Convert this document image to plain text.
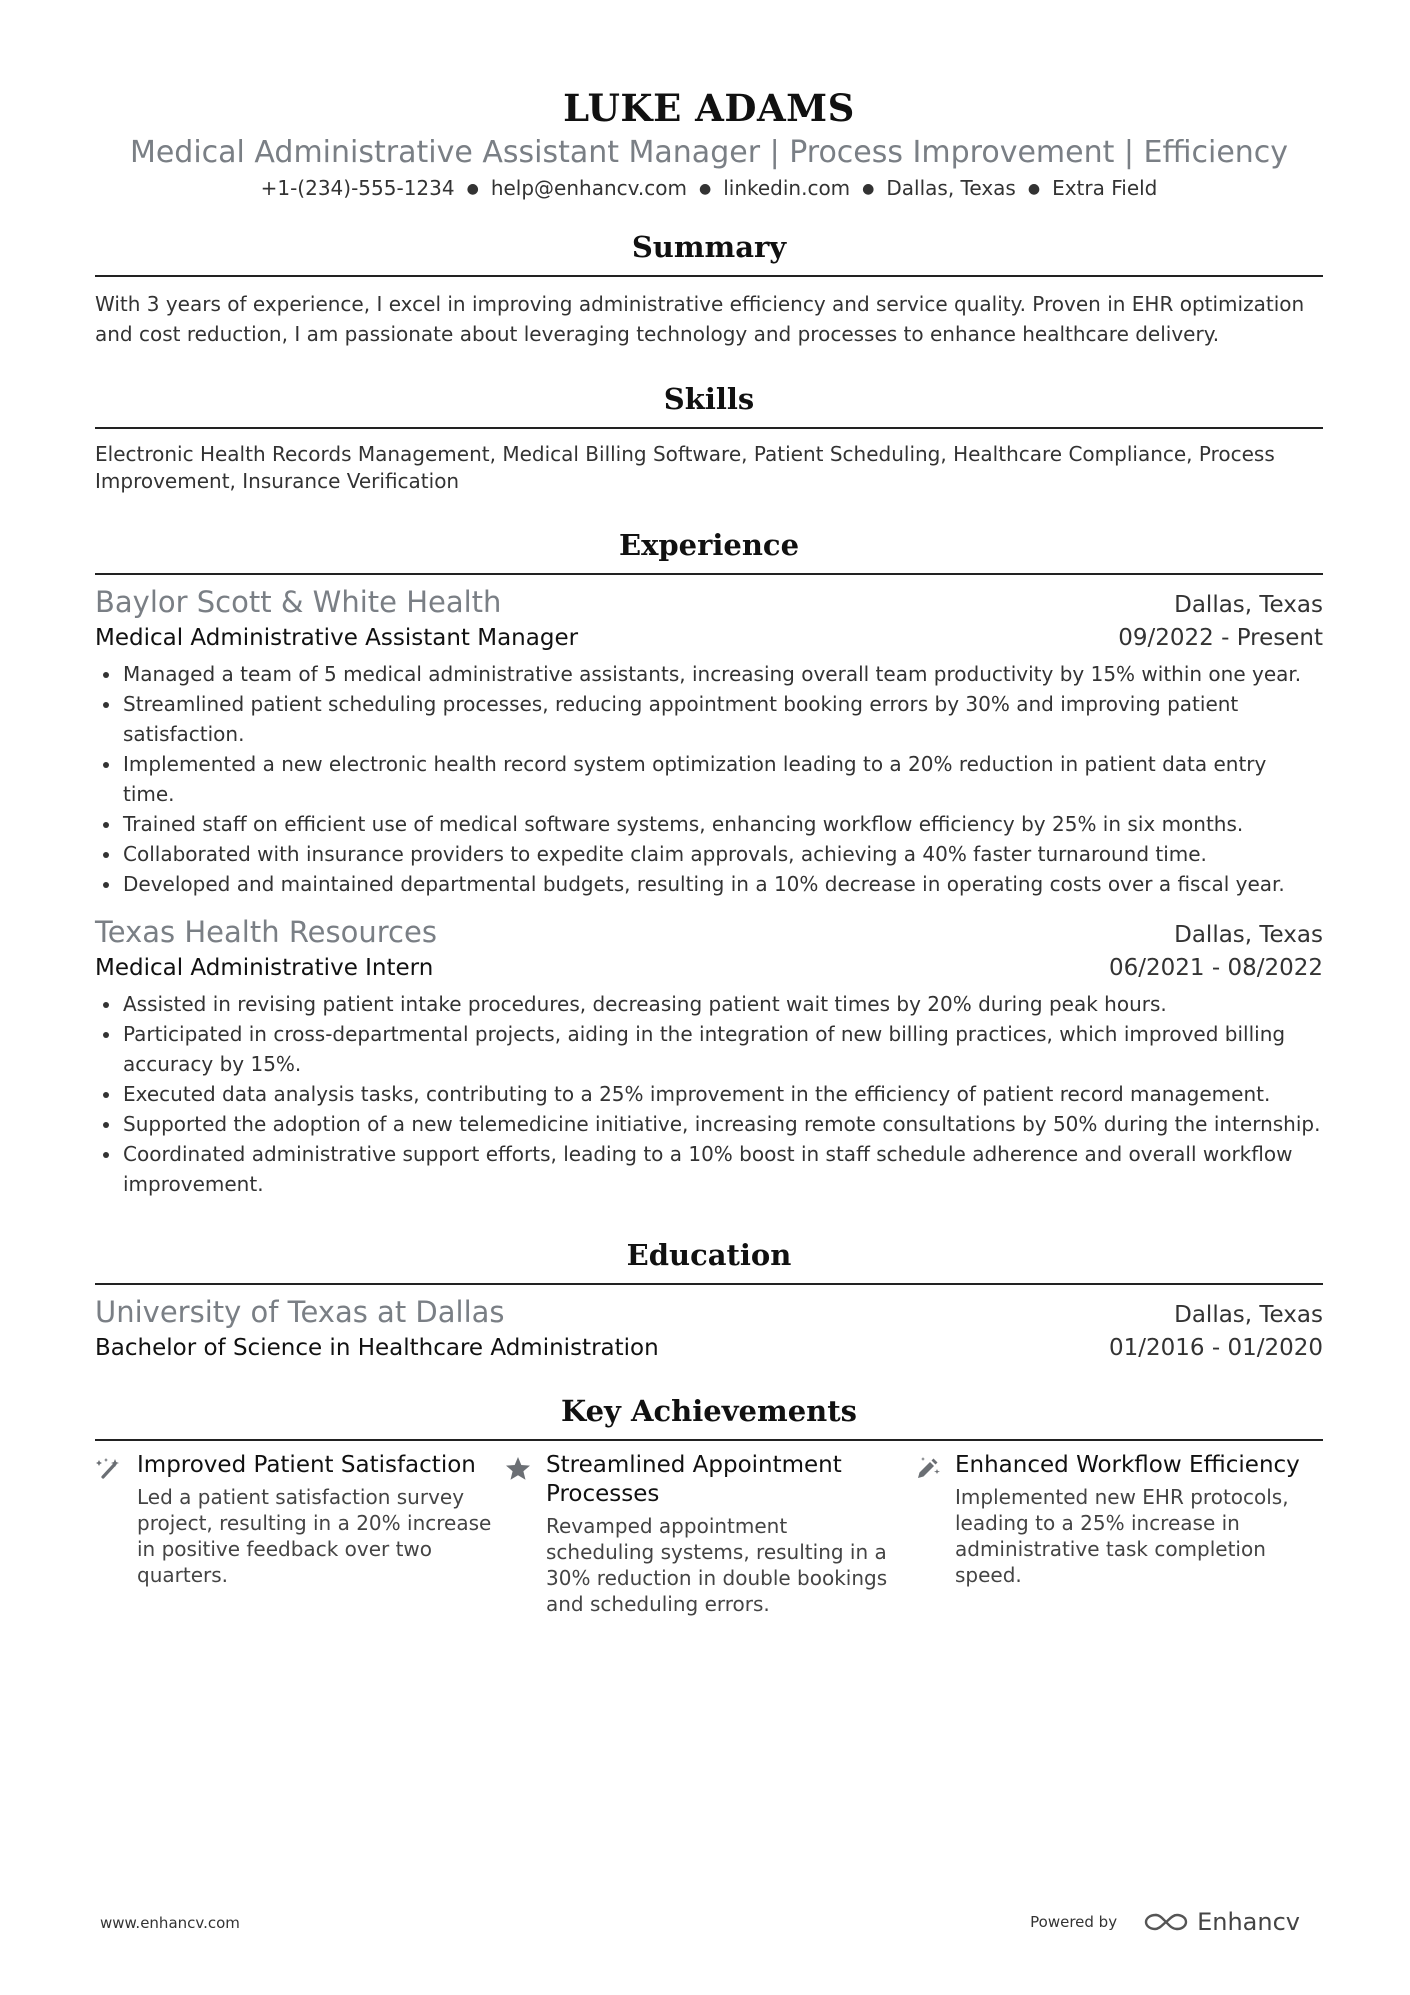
LUKE ADAMS
Medical Administrative Assistant Manager | Process Improvement | Efficiency
+1-(234)-555-1234 ● help@enhancv.com ● linkedin.com ● Dallas, Texas ● Extra Field
Summary
With 3 years of experience, I excel in improving administrative efficiency and service quality. Proven in EHR optimization and cost reduction, I am passionate about leveraging technology and processes to enhance healthcare delivery.
Skills
Electronic Health Records Management, Medical Billing Software, Patient Scheduling, Healthcare Compliance, Process Improvement, Insurance Verification
Experience
Baylor Scott & White Health	Dallas, Texas
Medical Administrative Assistant Manager	09/2022 - Present
Managed a team of 5 medical administrative assistants, increasing overall team productivity by 15% within one year.
Streamlined patient scheduling processes, reducing appointment booking errors by 30% and improving patient satisfaction.
Implemented a new electronic health record system optimization leading to a 20% reduction in patient data entry time.
Trained staff on efficient use of medical software systems, enhancing workflow efficiency by 25% in six months.
Collaborated with insurance providers to expedite claim approvals, achieving a 40% faster turnaround time.
Developed and maintained departmental budgets, resulting in a 10% decrease in operating costs over a fiscal year.
Texas Health Resources	Dallas, Texas
Medical Administrative Intern	06/2021 - 08/2022
Assisted in revising patient intake procedures, decreasing patient wait times by 20% during peak hours.
Participated in cross-departmental projects, aiding in the integration of new billing practices, which improved billing accuracy by 15%.
Executed data analysis tasks, contributing to a 25% improvement in the efficiency of patient record management.
Supported the adoption of a new telemedicine initiative, increasing remote consultations by 50% during the internship.
Coordinated administrative support efforts, leading to a 10% boost in staff schedule adherence and overall workflow improvement.
Education
University of Texas at Dallas	Dallas, Texas
Bachelor of Science in Healthcare Administration	01/2016 - 01/2020
Key Achievements
Improved Patient Satisfaction
Led a patient satisfaction survey project, resulting in a 20% increase in positive feedback over two quarters.
Streamlined Appointment Processes
Revamped appointment scheduling systems, resulting in a 30% reduction in double bookings and scheduling errors.
Enhanced Workflow Efficiency
Implemented new EHR protocols, leading to a 25% increase in administrative task completion speed.
www.enhancv.com	Powered by	Enhancv
